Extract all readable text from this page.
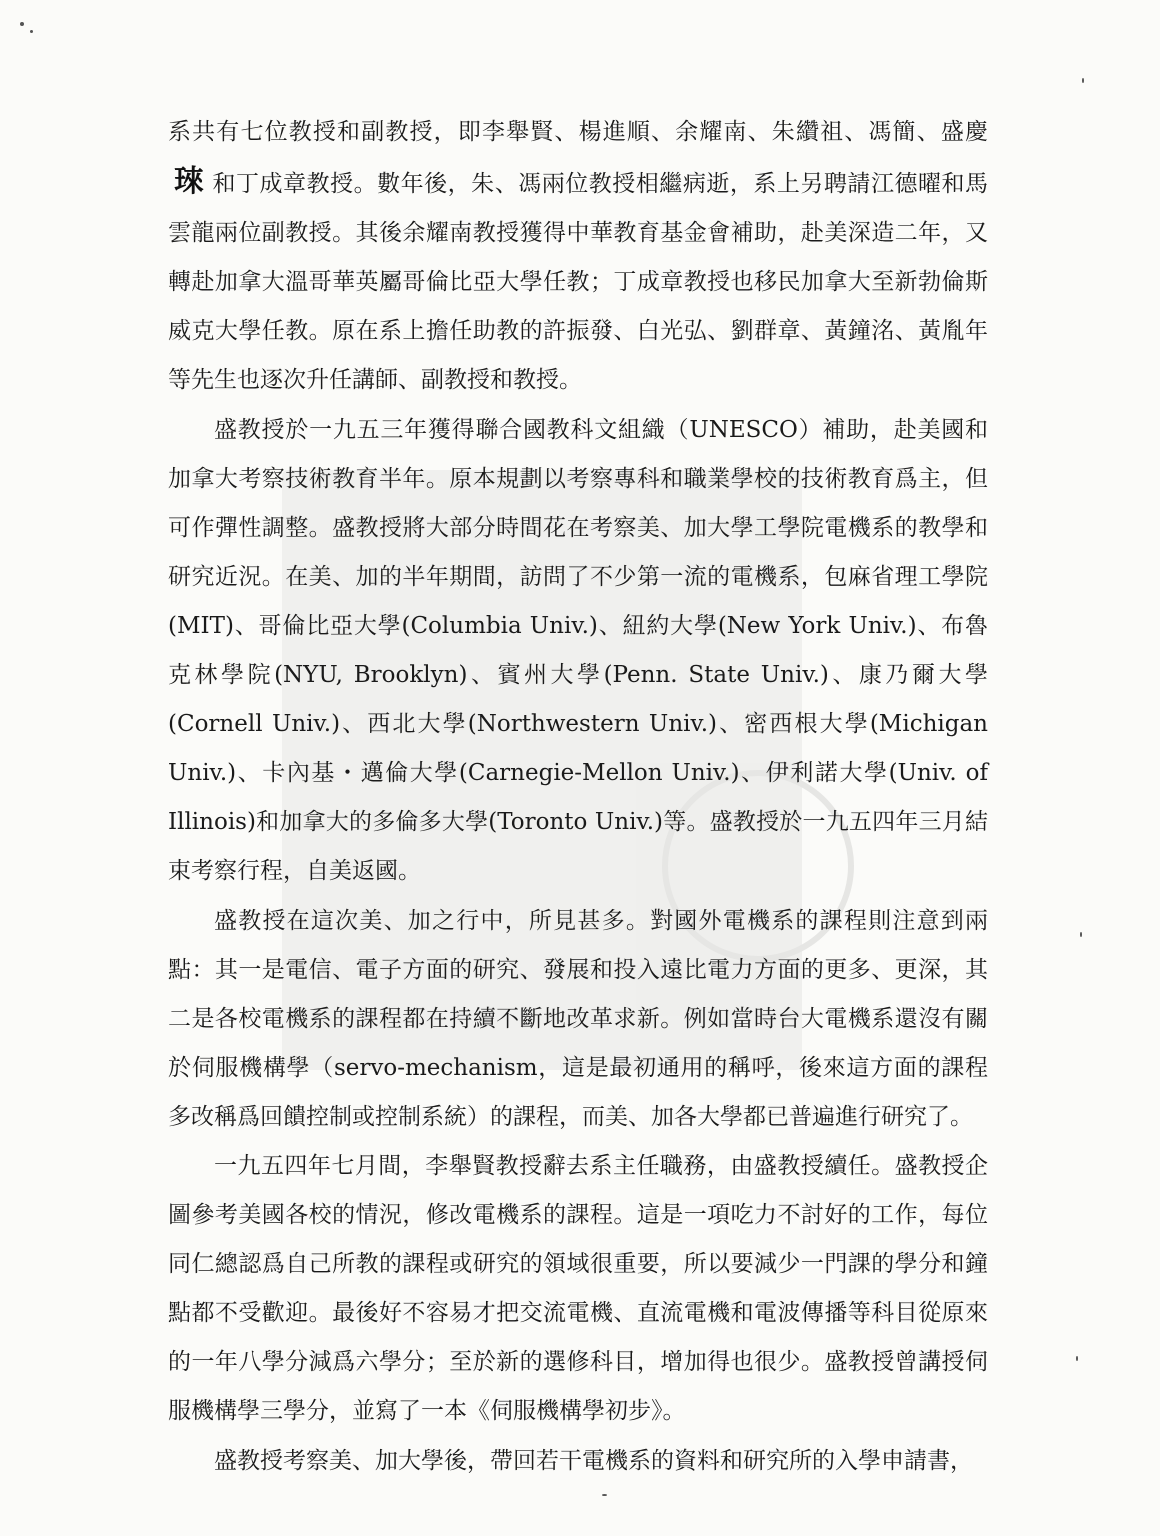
系共有七位教授和副教授，即李舉賢、楊進順、余耀南、朱纘祖、馮簡、盛慶琜 和丁成章教授。數年後，朱、馮兩位教授相繼病逝，系上另聘請江德曜和馬雲龍兩位副教授。其後余耀南教授獲得中華教育基金會補助，赴美深造二年，又轉赴加拿大溫哥華英屬哥倫比亞大學任教；丁成章教授也移民加拿大至新勃倫斯威克大學任教。原在系上擔任助教的許振發、白光弘、劉群章、黃鐘洺、黃胤年等先生也逐次升任講師、副教授和教授。

盛教授於一九五三年獲得聯合國教科文組織（UNESCO）補助，赴美國和加拿大考察技術教育半年。原本規劃以考察專科和職業學校的技術教育爲主，但可作彈性調整。盛教授將大部分時間花在考察美、加大學工學院電機系的教學和研究近況。在美、加的半年期間，訪問了不少第一流的電機系，包麻省理工學院(MIT)、哥倫比亞大學(Columbia Univ.)、紐約大學(New York Univ.)、布魯克林學院(NYU, Brooklyn)、賓州大學(Penn. State Univ.)、康乃爾大學(Cornell Univ.)、西北大學(Northwestern Univ.)、密西根大學(Michigan Univ.)、卡內基・邁倫大學(Carnegie-Mellon Univ.)、伊利諾大學(Univ. of Illinois)和加拿大的多倫多大學(Toronto Univ.)等。盛教授於一九五四年三月結束考察行程，自美返國。

盛教授在這次美、加之行中，所見甚多。對國外電機系的課程則注意到兩點：其一是電信、電子方面的研究、發展和投入遠比電力方面的更多、更深，其二是各校電機系的課程都在持續不斷地改革求新。例如當時台大電機系還沒有關於伺服機構學（servo-mechanism，這是最初通用的稱呼，後來這方面的課程多改稱爲回饋控制或控制系統）的課程，而美、加各大學都已普遍進行研究了。

一九五四年七月間，李舉賢教授辭去系主任職務，由盛教授續任。盛教授企圖參考美國各校的情況，修改電機系的課程。這是一項吃力不討好的工作，每位同仁總認爲自己所教的課程或研究的領域很重要，所以要減少一門課的學分和鐘點都不受歡迎。最後好不容易才把交流電機、直流電機和電波傳播等科目從原來的一年八學分減爲六學分；至於新的選修科目，增加得也很少。盛教授曾講授伺服機構學三學分，並寫了一本《伺服機構學初步》。

盛教授考察美、加大學後，帶回若干電機系的資料和研究所的入學申請書，
